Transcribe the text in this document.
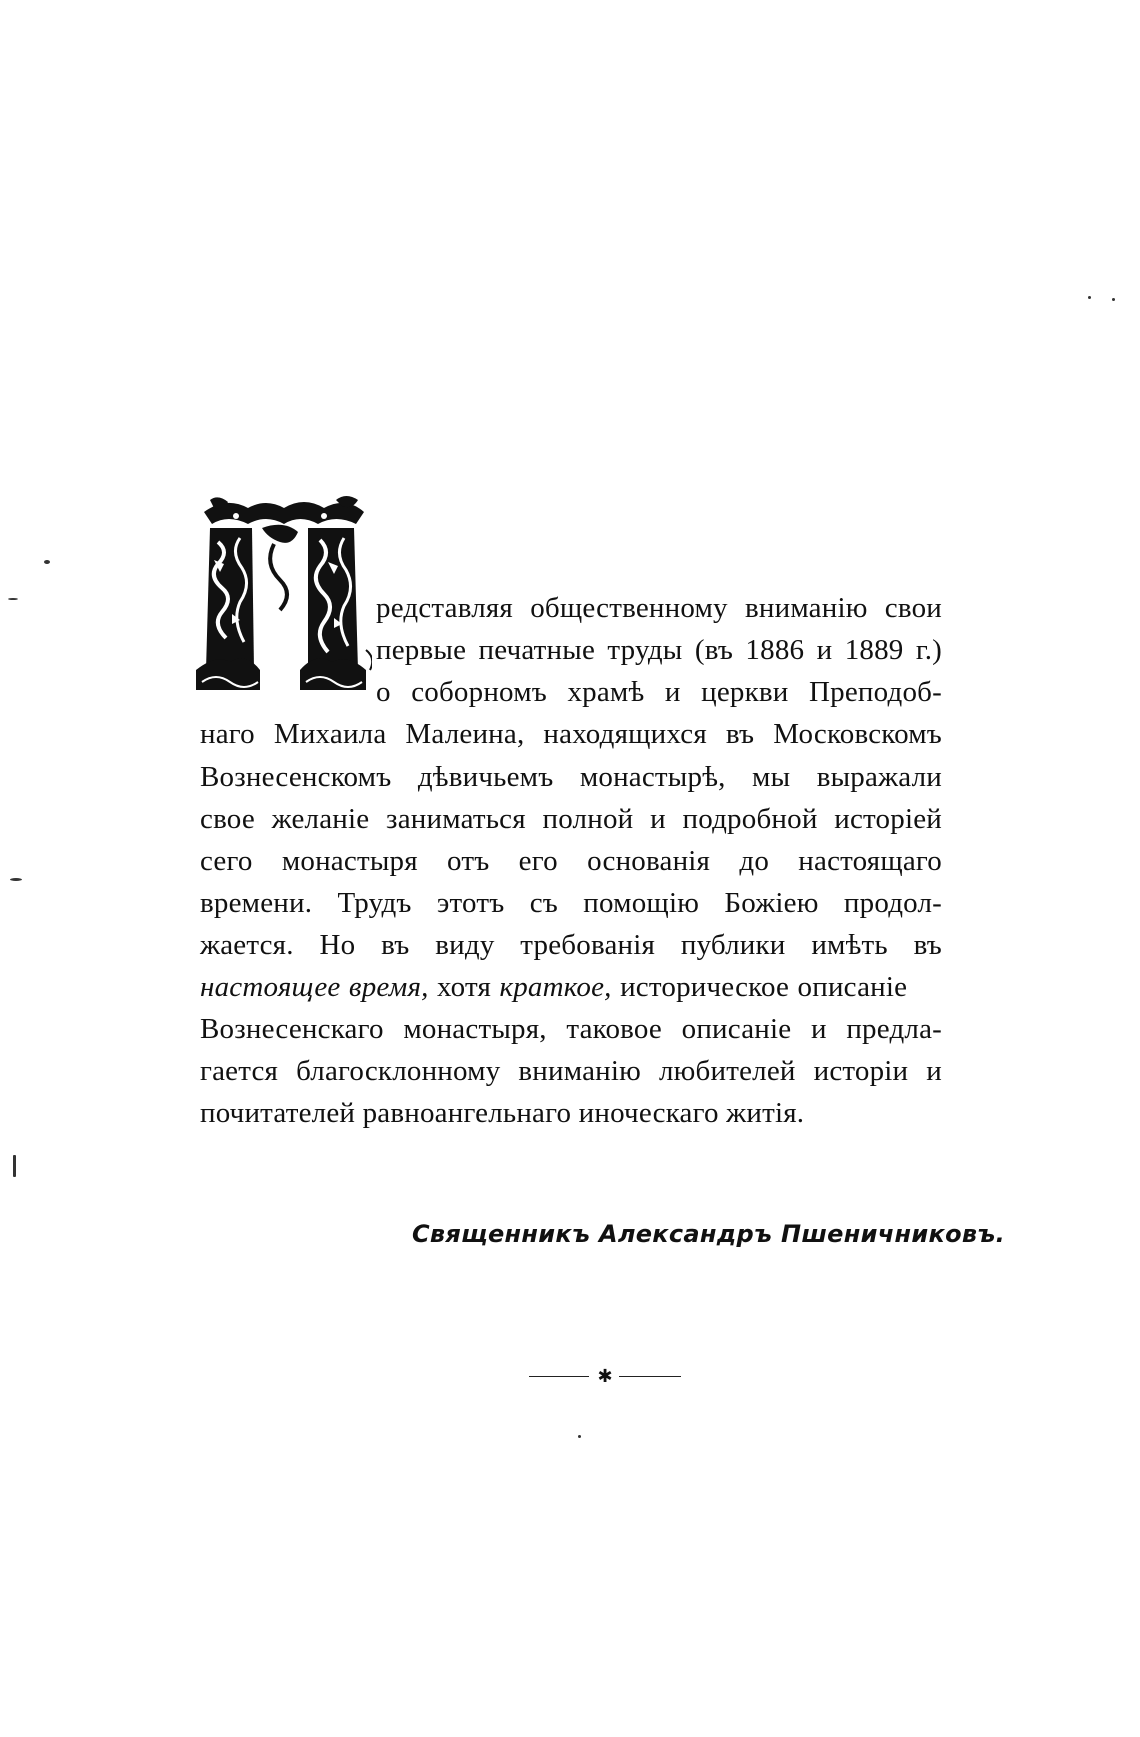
редставляя общественному вниманiю свои
первые печатные труды (въ 1886 и 1889 г.)
о соборномъ храмѣ и церкви Преподоб-
наго Михаила Малеина, находящихся въ Московскомъ
Вознесенскомъ дѣвичьемъ монастырѣ, мы выражали
свое желанiе заниматься полной и подробной исторiей
сего монастыря отъ его основанiя до настоящаго
времени. Трудъ этотъ съ помощiю Божiею продол-
жается. Но въ виду требованiя публики имѣть въ
настоящее время, хотя краткое, историческое описанiе
Вознесенскаго монастыря, таковое описанiе и предла-
гается благосклонному вниманiю любителей исторiи и
почитателей равноангельнаго иноческаго житiя.
Священникъ Александръ Пшеничниковъ.
✱
